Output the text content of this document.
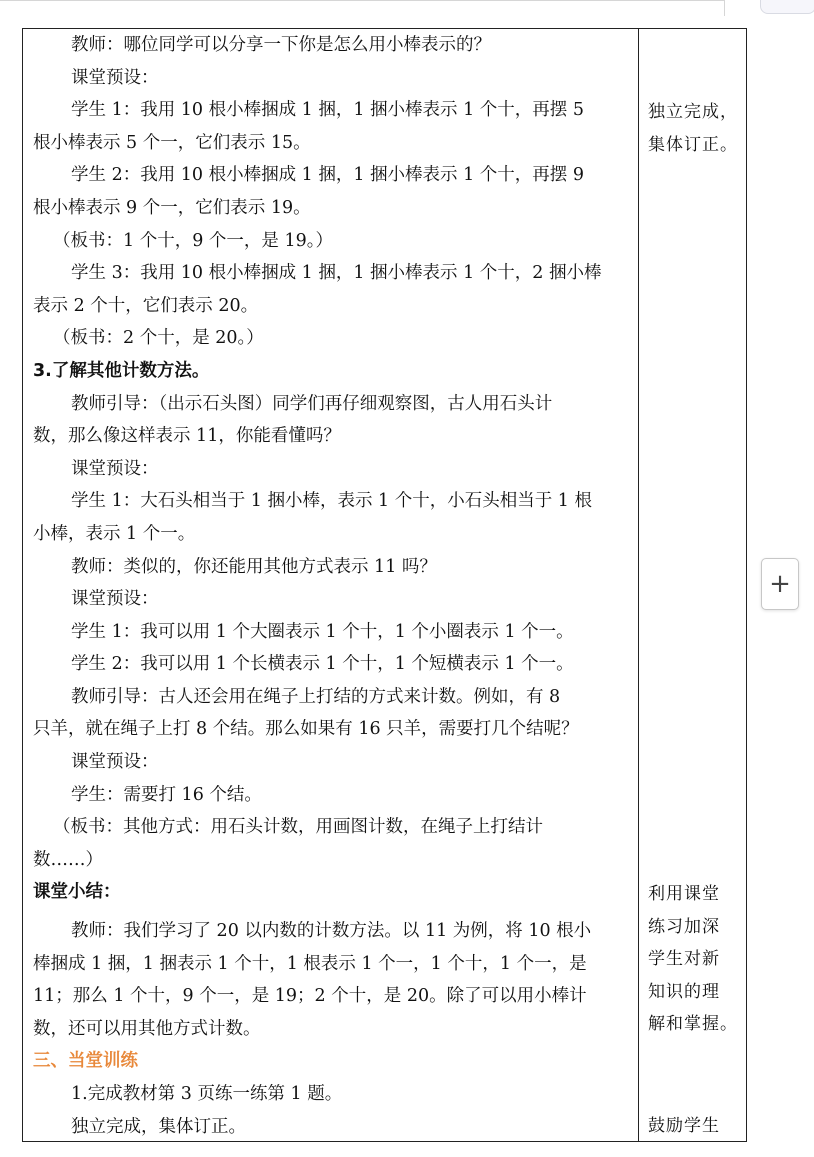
教师：哪位同学可以分享一下你是怎么用小棒表示的？
课堂预设：
学生 1：我用 10 根小棒捆成 1 捆，1 捆小棒表示 1 个十，再摆 5
根小棒表示 5 个一，它们表示 15。
学生 2：我用 10 根小棒捆成 1 捆，1 捆小棒表示 1 个十，再摆 9
根小棒表示 9 个一，它们表示 19。
（板书：1 个十，9 个一，是 19。）
学生 3：我用 10 根小棒捆成 1 捆，1 捆小棒表示 1 个十，2 捆小棒
表示 2 个十，它们表示 20。
（板书：2 个十，是 20。）
3.了解其他计数方法。
教师引导：（出示石头图）同学们再仔细观察图，古人用石头计
数，那么像这样表示 11，你能看懂吗？
课堂预设：
学生 1：大石头相当于 1 捆小棒，表示 1 个十，小石头相当于 1 根
小棒，表示 1 个一。
教师：类似的，你还能用其他方式表示 11 吗？
课堂预设：
学生 1：我可以用 1 个大圈表示 1 个十，1 个小圈表示 1 个一。
学生 2：我可以用 1 个长横表示 1 个十，1 个短横表示 1 个一。
教师引导：古人还会用在绳子上打结的方式来计数。例如，有 8
只羊，就在绳子上打 8 个结。那么如果有 16 只羊，需要打几个结呢？
课堂预设：
学生：需要打 16 个结。
（板书：其他方式：用石头计数，用画图计数，在绳子上打结计
数……）
课堂小结：
教师：我们学习了 20 以内数的计数方法。以 11 为例，将 10 根小
棒捆成 1 捆，1 捆表示 1 个十，1 根表示 1 个一，1 个十，1 个一，是
11；那么 1 个十，9 个一，是 19；2 个十，是 20。除了可以用小棒计
数，还可以用其他方式计数。
三、当堂训练
1.完成教材第 3 页练一练第 1 题。
独立完成，集体订正。
独立完成，
集体订正。
利用课堂
练习加深
学生对新
知识的理
解和掌握。
鼓励学生
+
